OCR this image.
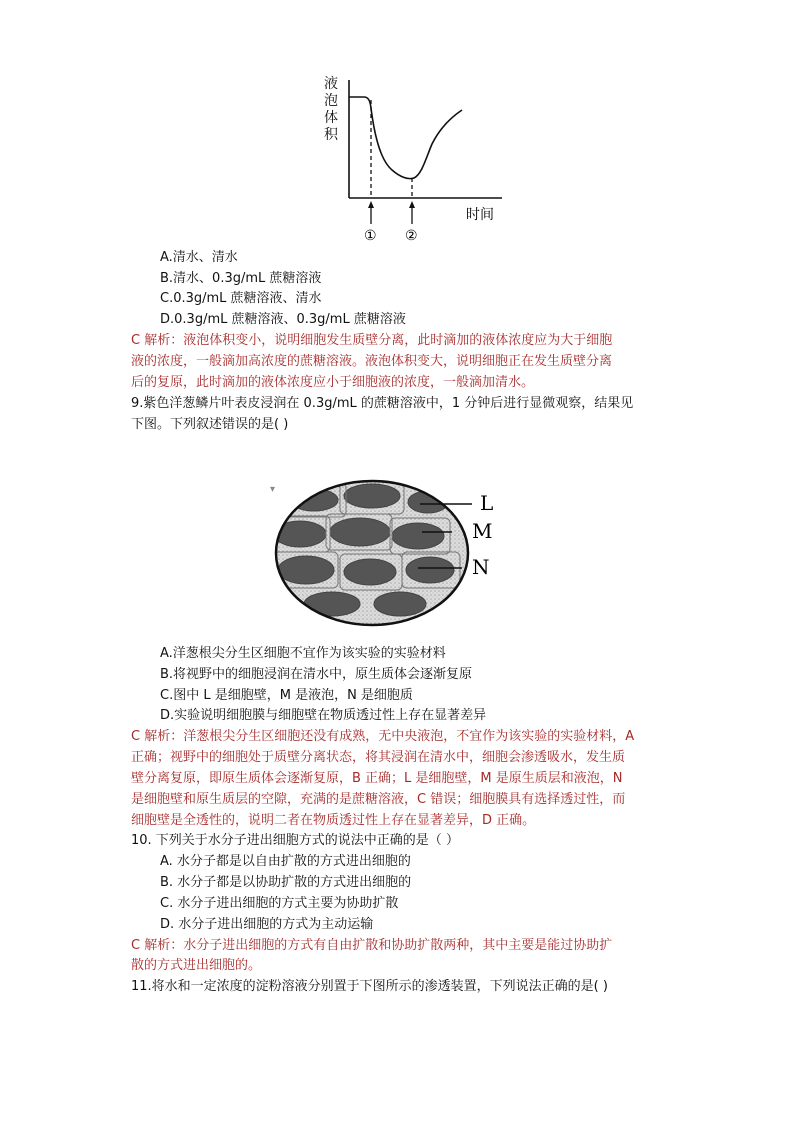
液
泡
体
积
① ②
时间
A.清水、清水
B.清水、0.3g/mL 蔗糖溶液
C.0.3g/mL 蔗糖溶液、清水
D.0.3g/mL 蔗糖溶液、0.3g/mL 蔗糖溶液
C 解析：液泡体积变小，说明细胞发生质壁分离，此时滴加的液体浓度应为大于细胞
液的浓度，一般滴加高浓度的蔗糖溶液。液泡体积变大，说明细胞正在发生质壁分离
后的复原，此时滴加的液体浓度应小于细胞液的浓度，一般滴加清水。
9.紫色洋葱鳞片叶表皮浸润在 0.3g/mL 的蔗糖溶液中，1 分钟后进行显微观察，结果见
下图。下列叙述错误的是( )
▾
L
M
N
A.洋葱根尖分生区细胞不宜作为该实验的实验材料
B.将视野中的细胞浸润在清水中，原生质体会逐渐复原
C.图中 L 是细胞壁，M 是液泡，N 是细胞质
D.实验说明细胞膜与细胞壁在物质透过性上存在显著差异
C 解析：洋葱根尖分生区细胞还没有成熟，无中央液泡，不宜作为该实验的实验材料，A
正确；视野中的细胞处于质壁分离状态，将其浸润在清水中，细胞会渗透吸水，发生质
壁分离复原，即原生质体会逐渐复原，B 正确；L 是细胞壁，M 是原生质层和液泡，N
是细胞壁和原生质层的空隙，充满的是蔗糖溶液，C 错误；细胞膜具有选择透过性，而
细胞壁是全透性的，说明二者在物质透过性上存在显著差异，D 正确。
10. 下列关于水分子进出细胞方式的说法中正确的是（ ）
A. 水分子都是以自由扩散的方式进出细胞的
B. 水分子都是以协助扩散的方式进出细胞的
C. 水分子进出细胞的方式主要为协助扩散
D. 水分子进出细胞的方式为主动运输
C 解析：水分子进出细胞的方式有自由扩散和协助扩散两种，其中主要是能过协助扩
散的方式进出细胞的。
11.将水和一定浓度的淀粉溶液分别置于下图所示的渗透装置，下列说法正确的是( )
